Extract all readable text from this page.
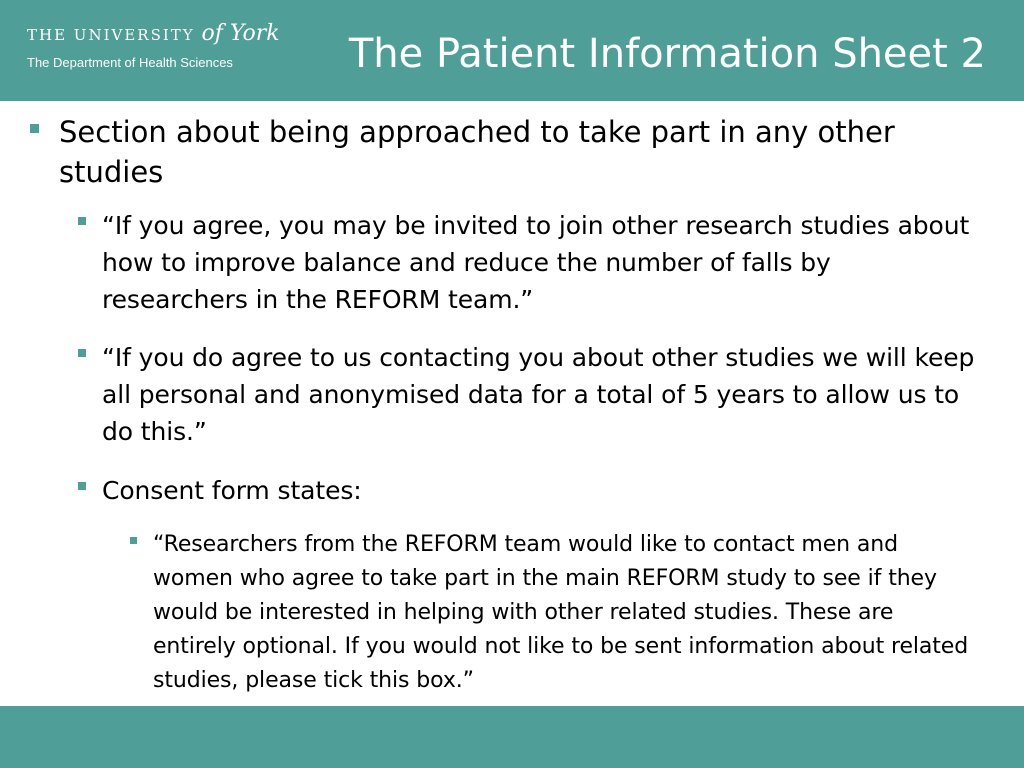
THE UNIVERSITY of York
The Department of Health Sciences	The Patient Information Sheet 2
Section about being approached to take part in any other studies
“If you agree, you may be invited to join other research studies about how to improve balance and reduce the number of falls by researchers in the REFORM team.”
“If you do agree to us contacting you about other studies we will keep all personal and anonymised data for a total of 5 years to allow us to do this.”
Consent form states:
“Researchers from the REFORM team would like to contact men and women who agree to take part in the main REFORM study to see if they would be interested in helping with other related studies. These are entirely optional. If you would not like to be sent information about related studies, please tick this box.”
